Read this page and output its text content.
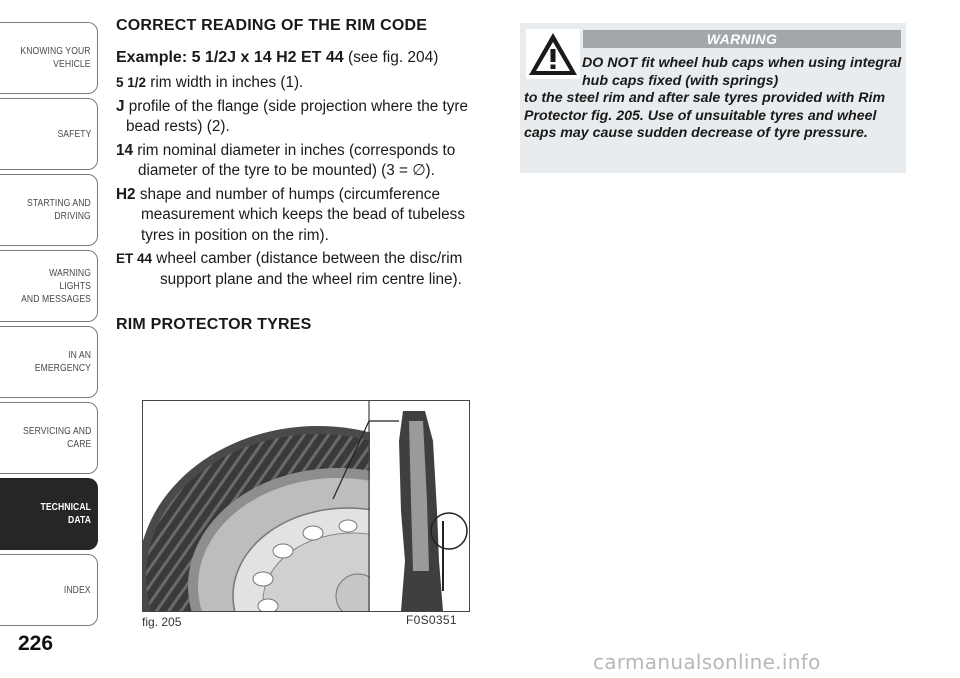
KNOWING YOUR
VEHICLE
SAFETY
STARTING AND
DRIVING
WARNING LIGHTS
AND MESSAGES
IN AN EMERGENCY
SERVICING AND
CARE
TECHNICAL DATA
INDEX
226
CORRECT READING OF THE RIM CODE
Example: 5 1/2J x 14 H2 ET 44 (see fig. 204)
5 1/2 rim width in inches (1).
J profile of the flange (side projection where the tyre bead rests) (2).
14 rim nominal diameter in inches (corresponds to diameter of the tyre to be mounted) (3 = ∅).
H2 shape and number of humps (circumference measurement which keeps the bead of tubeless tyres in position on the rim).
ET 44 wheel camber (distance between the disc/rim support plane and the wheel rim centre line).
RIM PROTECTOR TYRES
fig. 205	F0S0351
WARNING
DO NOT fit wheel hub caps when using integral hub caps fixed (with springs)
to the steel rim and after sale tyres provided with Rim Protector fig. 205. Use of unsuitable tyres and wheel caps may cause sudden decrease of tyre pressure.
carmanualsonline.info
